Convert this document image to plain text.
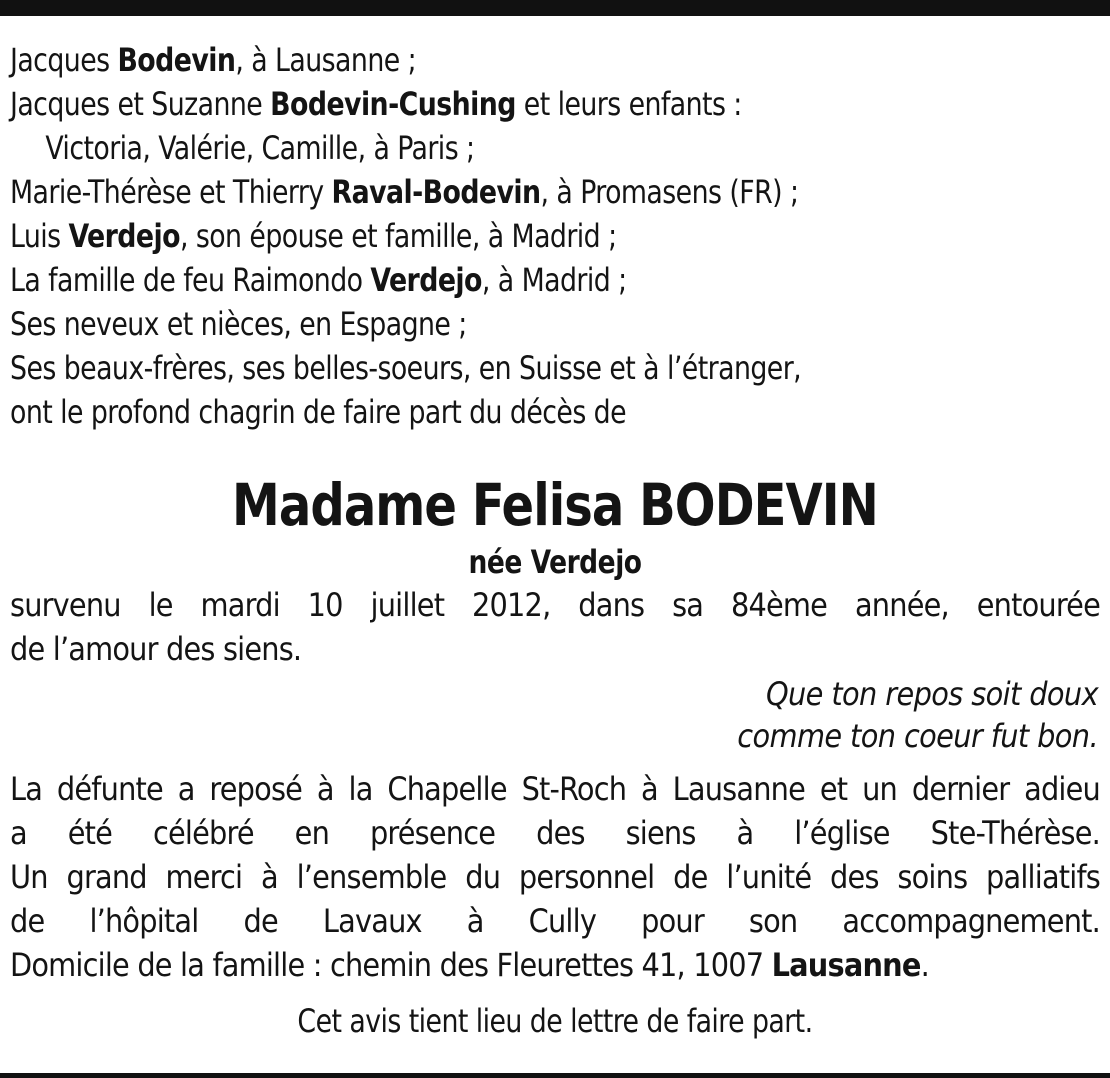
Jacques Bodevin, à Lausanne ;
Jacques et Suzanne Bodevin-Cushing et leurs enfants :
Victoria, Valérie, Camille, à Paris ;
Marie-Thérèse et Thierry Raval-Bodevin, à Promasens (FR) ;
Luis Verdejo, son épouse et famille, à Madrid ;
La famille de feu Raimondo Verdejo, à Madrid ;
Ses neveux et nièces, en Espagne ;
Ses beaux-frères, ses belles-soeurs, en Suisse et à l’étranger,
ont le profond chagrin de faire part du décès de
Madame Felisa BODEVIN
née Verdejo
survenu le mardi 10 juillet 2012, dans sa 84ème année, entourée
de l’amour des siens.
Que ton repos soit doux
comme ton coeur fut bon.
La défunte a reposé à la Chapelle St-Roch à Lausanne et un dernier adieu
a été célébré en présence des siens à l’église Ste-Thérèse.
Un grand merci à l’ensemble du personnel de l’unité des soins palliatifs
de l’hôpital de Lavaux à Cully pour son accompagnement.
Domicile de la famille : chemin des Fleurettes 41, 1007 Lausanne.
Cet avis tient lieu de lettre de faire part.
